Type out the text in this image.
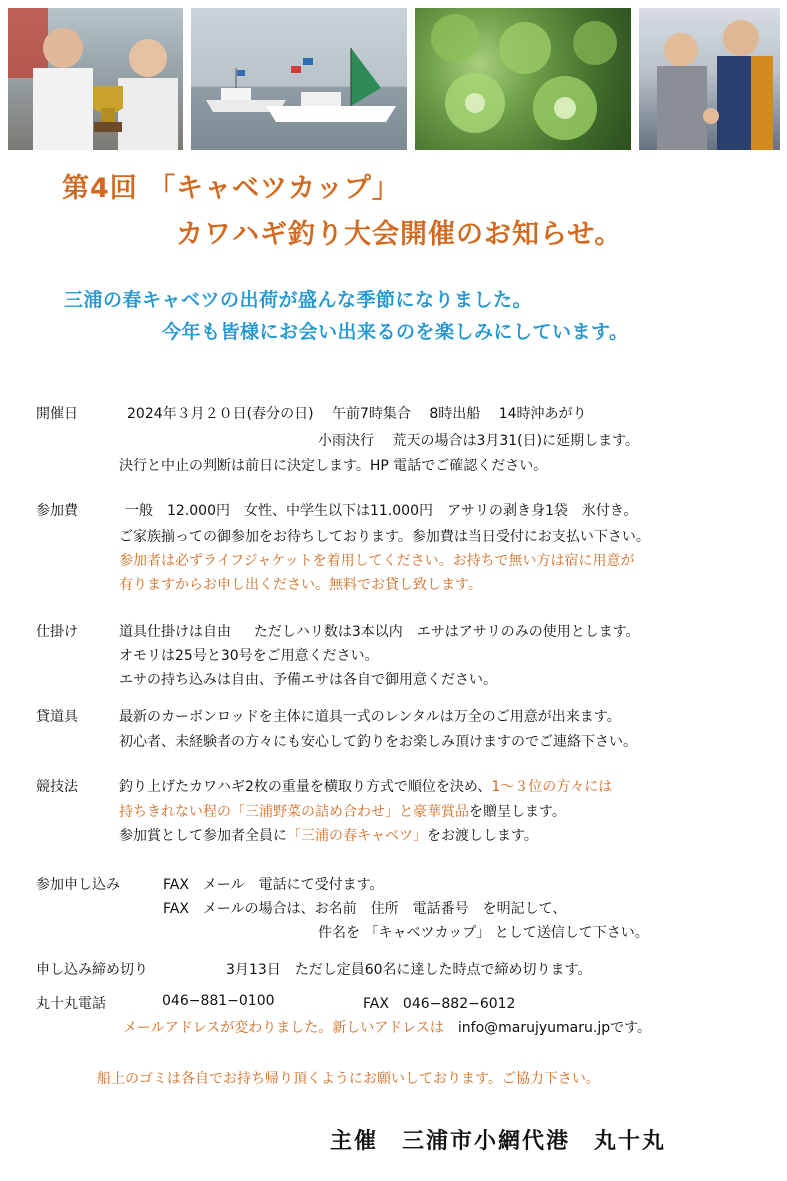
第4回 「キャベツカップ」
カワハギ釣り大会開催のお知らせ。
三浦の春キャベツの出荷が盛んな季節になりました。
今年も皆様にお会い出来るのを楽しみにしています。
開催日	2024年３月２０日(春分の日)　 午前7時集合　 8時出船 　14時沖あがり
小雨決行　 荒天の場合は3月31(日)に延期します。
決行と中止の判断は前日に決定します。HP 電話でご確認ください。
参加費	一般　12.000円　女性、中学生以下は11.000円　アサリの剥き身1袋　氷付き。
ご家族揃っての御参加をお待ちしております。参加費は当日受付にお支払い下さい。
参加者は必ずライフジャケットを着用してください。お持ちで無い方は宿に用意が
有りますからお申し出ください。無料でお貸し致します。
仕掛け	道具仕掛けは自由 　 ただしハリ数は3本以内　エサはアサリのみの使用とします。
オモリは25号と30号をご用意ください。
エサの持ち込みは自由、予備エサは各自で御用意ください。
貸道具	最新のカーボンロッドを主体に道具一式のレンタルは万全のご用意が出来ます。
初心者、未経験者の方々にも安心して釣りをお楽しみ頂けますのでご連絡下さい。
競技法	釣り上げたカワハギ2枚の重量を横取り方式で順位を決め、1～３位の方々には
持ちきれない程の「三浦野菜の詰め合わせ」と豪華賞品を贈呈します。
参加賞として参加者全員に「三浦の春キャベツ」をお渡しします。
参加申し込み	FAX　メール　電話にて受付ます。
FAX　メールの場合は、お名前　住所　電話番号　を明記して、
件名を 「キャベツカップ」 として送信して下さい。
申し込み締め切り	3月13日　ただし定員60名に達した時点で締め切ります。
丸十丸電話	046−881−0100	FAX　046−882−6012
メールアドレスが変わりました。新しいアドレスは info@marujyumaru.jpです。
船上のゴミは各自でお持ち帰り頂くようにお願いしております。ご協力下さい。
主催　三浦市小網代港　丸十丸
